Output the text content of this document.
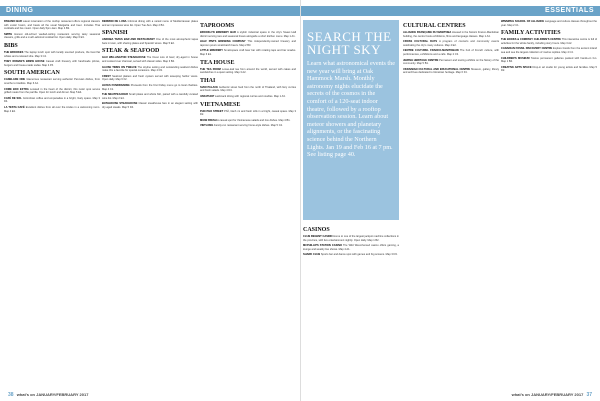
DINING
PANAMO BAR Latest incarnation of the rooftop restaurant offers regional classics with exotic fusion, and beats all the usual Margarita and beer. Includes Thai cocktails and live music. Open daily 5pm-1am. Map 4 B2.
SMITH Honest old-school vaulted-ceiling restaurant serving tasty seasonal classics, grills and a much-admired cocktail list. Open daily. Map 6 E3.
BIBS
THE BROOKES The laptop lunch spot with locally sourced produce, the best flat whites and a relaxed vibe. Map 3 C4.
TOBY ROMAN'S BREW HOUSE Casual craft brewery with handmade pizzas, burgers and house-made sodas. Map 4 F5.
SOUTH AMERICAN
CANELADE ONE Glamorous restaurant serving authentic Peruvian dishes, from ceviche to tiraditos. Map 6 A4.
COME BOX EXTRA Located in the heart of the district, this rustic spot serves grilled meats from the parrilla. Open for lunch and dinner. Map 5 E4.
CAFÉ DE SOL Colombian coffee and empanadas in a bright, lively space. Map 3 D4.
LA TESTA CAFÉ Excellent dishes from all over the Andes in a welcoming room. Map 4 E2.
DERMON DE LUNA Informal dining with a varied menu of Mediterranean plates and an impressive wine list. Open Tue-Sun. Map 2 B4.
SPANISH
ANDOBA TAPAS BAR AND RESTAURANT One of the most atmospheric tapas bars in town, with sharing plates and Spanish wines. Map 5 E2.
STEAK & SEAFOOD
GAU WELLINGTON STEAKHOUSE The finest cuts of beef, dry-aged in house and cooked over charcoal, served with classic sides. Map 3 B4.
GAUSE TIMES ON TWELVE The skyline setting and outstanding seafood dishes make this a favorite for special occasions. Map 4 D3.
CREST Seafood platters and fresh oysters served with sweeping harbor views. Open daily. Map 6 F2.
HAYES FUNDRAISING Proceeds from the first Friday menu go to local charities. Map 4 C1.
THE MEATPEACKER Small plates and whole fish, paired with a carefully curated wine list. Map 2 E4.
BATHHOUSE STEAKHOUSE Classic steakhouse fare in an elegant setting with dry-aged steaks. Map 5 D4.
TAPROOMS
BROOKLYN BREWERY BAR A stylish industrial space in the city's Sweet Hall district serving rare and seasonal brews alongside a short kitchen menu. Map 1 A1.
HALF PINTS BREWING COMPANY This independently-owned brewery and taproom pours small-batch beers. Map 2 B3.
LITTLE BREWERY Small-space craft beer bar with rotating taps and bar snacks. Map 6 E1.
TEA HOUSE
THE TEA ROOM Loose-leaf tea from around the world, served with cakes and sandwiches in a quiet setting. Map 3 A2.
THAI
SIAM PALACE Authentic street food from the north of Thailand, with fiery curries and fresh salads. Map 4 D4.
VARATHOP Laid-back dining with regional curries and noodles. Map 1 A3.
VIETNAMESE
PHO PHO STREET Phở, bánh mì and fresh rolls in a bright, casual space. Map 3 D2.
MIAW FRESH A casual spot for Vietnamese salads and rice dishes. Map 4 B1.
VIETLONG Family-run restaurant serving home-style dishes. Map 5 C2.
38 what's on JANUARY/FEBRUARY 2017
ESSENTIALS
SEARCH THE NIGHT SKY
Learn what astronomical events the new year will bring at Oak Hammock Marsh. Monthly astronomy nights elucidate the secrets of the cosmos in the comfort of a 120-seat indoor theatre, followed by a rooftop observation session. Learn about meteor showers and planetary alignments, or the fascinating science behind the Northern Lights. Jan 19 and Feb 16 at 7 pm. See listing page 40.
CASINOS
CLUB REGENT CASINO Home to one of the largest jackpot machine collections in the province, with live entertainment nightly. Open daily. Map 1 B2.
MCPHILLIPS STATION CASINO The Wild West-themed casino offers gaming, a lounge and weekly live shows. Map 4 A1.
SHARK CLUB Sports bar and dance spot with games and big screens. Map 3 D3.
CULTURAL CENTRES
ALLIANCE FRANÇAISE DU MANITOBA Housed in the historic Franco-Manitoban building, the centre hosts exhibitions, films and language classes. Map 1 A4.
CROSS CULTURAL DAYS A program of concerts and community events celebrating the city's many cultures. Map 4 E2.
CENTRE CULTUREL FRANCO-MANITOBAIN The hub of French culture, with performances, exhibitions and a café. Map 2 C3.
JEWISH HERITAGE CENTRE Permanent and touring exhibits on the history of the community. Map 5 B1.
UKRAINIAN CULTURAL AND EDUCATIONAL CENTRE Museum, gallery, library and archives dedicated to Ukrainian heritage. Map 6 F4.
WINNIPEG SCHOOL OF ALLIANCE Language and culture classes throughout the year. Map 2 C1.
FAMILY ACTIVITIES
THE BOOKS & COMPANY CHILDREN'S CENTRE This interactive centre is full of activities for the whole family, including story hours. Map 3 A2.
CANADIAN FOSSIL DISCOVERY CENTRE Explore fossils from the ancient inland sea and see the largest collection of marine reptiles. Map 4 C4.
CHILDREN'S MUSEUM Twelve permanent galleries packed with hands-on fun. Map 1 B4.
CREATIVE ARTS SPACE Drop-in art studio for young artists and families. Map 5 D2.
what's on JANUARY/FEBRUARY 2017 37
